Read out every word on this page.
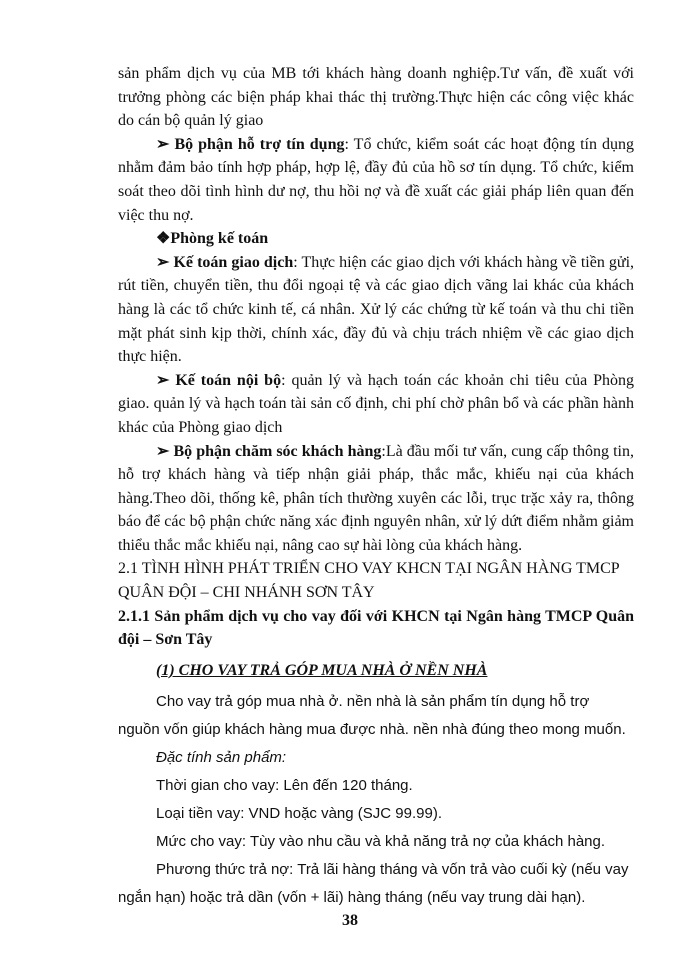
sản phẩm dịch vụ của MB tới khách hàng doanh nghiệp.Tư vấn, đề xuất với trưởng phòng các biện pháp khai thác thị trường.Thực hiện các công việc khác do cán bộ quản lý giao

➢ Bộ phận hỗ trợ tín dụng: Tổ chức, kiểm soát các hoạt động tín dụng nhằm đảm bảo tính hợp pháp, hợp lệ, đầy đủ của hồ sơ tín dụng. Tổ chức, kiểm soát theo dõi tình hình dư nợ, thu hồi nợ và đề xuất các giải pháp liên quan đến việc thu nợ.

❖Phòng kế toán

➢ Kế toán giao dịch: Thực hiện các giao dịch với khách hàng về tiền gửi, rút tiền, chuyển tiền, thu đổi ngoại tệ và các giao dịch vãng lai khác của khách hàng là các tổ chức kinh tế, cá nhân. Xử lý các chứng từ kế toán và thu chi tiền mặt phát sinh kịp thời, chính xác, đầy đủ và chịu trách nhiệm về các giao dịch thực hiện.

➢ Kế toán nội bộ: quản lý và hạch toán các khoản chi tiêu của Phòng giao. quản lý và hạch toán tài sản cố định, chi phí chờ phân bổ và các phần hành khác của Phòng giao dịch

➢ Bộ phận chăm sóc khách hàng:Là đầu mối tư vấn, cung cấp thông tin, hỗ trợ khách hàng và tiếp nhận giải pháp, thắc mắc, khiếu nại của khách hàng.Theo dõi, thống kê, phân tích thường xuyên các lỗi, trục trặc xảy ra, thông báo để các bộ phận chức năng xác định nguyên nhân, xử lý dứt điểm nhằm giảm thiểu thắc mắc khiếu nại, nâng cao sự hài lòng của khách hàng.

2.1 TÌNH HÌNH PHÁT TRIỂN CHO VAY KHCN TẠI NGÂN HÀNG TMCP QUÂN ĐỘI – CHI NHÁNH SƠN TÂY

2.1.1 Sản phẩm dịch vụ cho vay đối với KHCN tại Ngân hàng TMCP Quân đội – Sơn Tây

(1) CHO VAY TRẢ GÓP MUA NHÀ Ở NỀN NHÀ

Cho vay trả góp mua nhà ở. nền nhà là sản phẩm tín dụng hỗ trợ nguồn vốn giúp khách hàng mua được nhà. nền nhà đúng theo mong muốn.

Đặc tính sản phẩm:

Thời gian cho vay: Lên đến 120 tháng.

Loại tiền vay: VND hoặc vàng (SJC 99.99).

Mức cho vay: Tùy vào nhu cầu và khả năng trả nợ của khách hàng.

Phương thức trả nợ: Trả lãi hàng tháng và vốn trả vào cuối kỳ (nếu vay ngắn hạn) hoặc trả dần (vốn + lãi) hàng tháng (nếu vay trung dài hạn).

38
